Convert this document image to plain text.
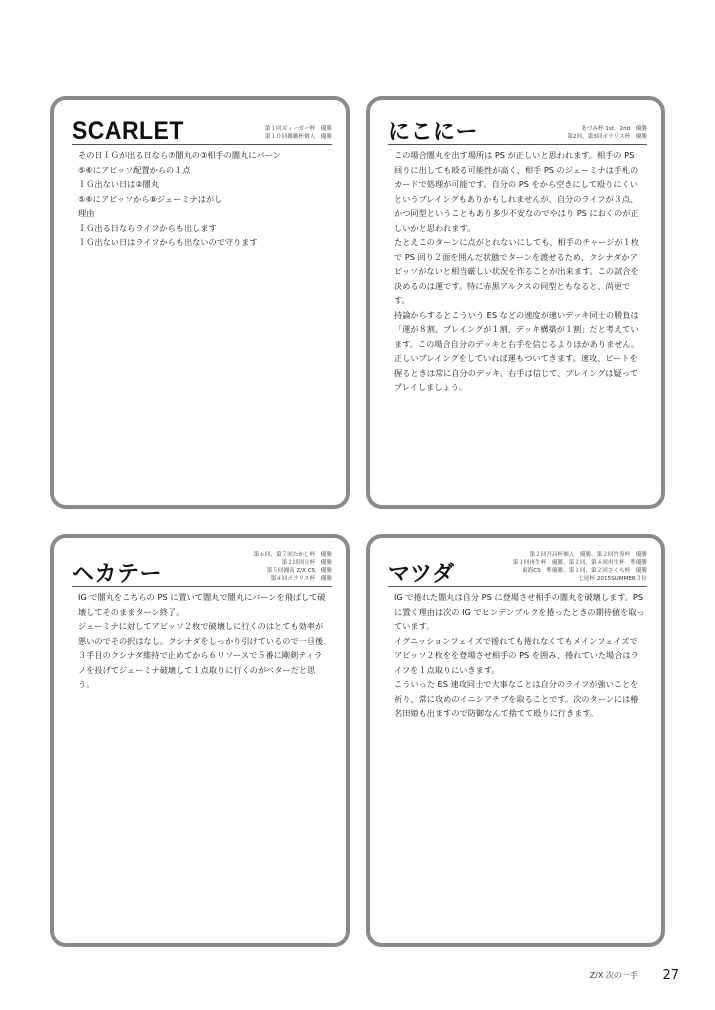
SCARLET	第１回ズィーガー杯　優勝
第１０回雑雑杯個人　優勝

その日ＩＧが出る日なら⑦闇丸の③相手の闇丸にバーン

⑤⑥にアビッソ配置からの１点

ＩＧ出ない日は②闇丸

⑤⑥にアビッソから⑧ジェーミナはがし

理由

ＩＧ出る日ならライフからも出します

ＩＧ出ない日はライフからも出ないので守ります

にこにー	あづみ杯 1st、2nd　優勝
第2回、第3回ポラリス杯　優勝

この場合闇丸を出す場所は PS が正しいと思われます。相手の PS 回りに出しても殴る可能性が高く、相手 PS のジェーミナは手札のカードで処理が可能です。自分の PS をから空きにして殴りにくいというプレイングもありかもしれませんが、自分のライフが３点、かつ同型ということもあり多少不安なのでやはり PS におくのが正しいかと思われます。

たとえこのターンに点がとれないにしても、相手のチャージが１枚で PS 回り２面を囲んだ状態でターンを渡せるため、クシナダかアビッソがないと相当厳しい状況を作ることが出来ます。この試合を決めるのは運です。特に赤黒アルクスの同型ともなると、尚更です。

持論からするとこういう ES などの速度が速いデッキ同士の勝負は「運が８割、プレイングが１割、デッキ構築が１割」だと考えています。この場合自分のデッキと右手を信じるよりほかありません。正しいプレイングをしていれば運もついてきます。速攻、ビートを握るときは常に自分のデッキ、右手は信じて、プレイングは疑ってプレイしましょう。

ヘカテー
第６回、第７回たかし杯　優勝
第２回国立杯　優勝
第５回湘南 Z/X CS　優勝
第４回ポラリス杯　優勝

IG で闇丸をこちらの PS に置いて闇丸で闇丸にバーンを飛ばして破壊してそのままターン終了。

ジェーミナに対してアビッソ２枚で破壊しに行くのはとても効率が悪いのでその択はなし。クシナダをしっかり引けているので一旦後３手目のクシナダ維持で止めてから６リソースで５番に剛剣ティラノを投げてジェーミナ破壊して１点取りに行くのがベターだと思う。

マツダ
第２回吾昌杯個人　優勝、第２回竹蓼杯　優勝
第１回再生杯　優勝、第２回、第４回再生杯　準優勝
東海CS　準優勝、第１回、第２回さくら杯　優勝
七尾杯 2015SUMMER３位

IG で捲れた闇丸は自分 PS に登場させ相手の闇丸を破壊します。PS に置く理由は次の IG でヒンデンブルクを捲ったときの期待値を取っています。

イグニッションフェイズで捲れても捲れなくてもメインフェイズでアビッソ２枚をを登場させ相手の PS を囲み、捲れていた場合はライフを１点取りにいきます。

こういった ES 速攻同士で大事なことは自分のライフが強いことを祈り、常に攻めのイニシアチブを取ることです。次のターンには椿名田姫も出ますので防御なんて捨てて殴りに行きます。

Z/X 次の一手 27
